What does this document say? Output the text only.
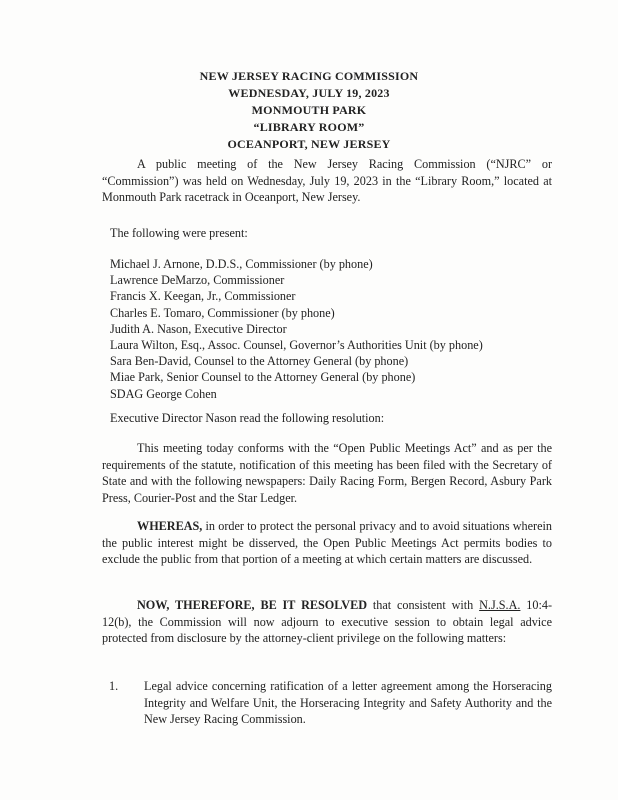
NEW JERSEY RACING COMMISSION
WEDNESDAY, JULY 19, 2023
MONMOUTH PARK
“LIBRARY ROOM”
OCEANPORT, NEW JERSEY
A public meeting of the New Jersey Racing Commission (“NJRC” or “Commission”) was held on Wednesday, July 19, 2023 in the “Library Room,” located at Monmouth Park racetrack in Oceanport, New Jersey.
The following were present:
Michael J. Arnone, D.D.S., Commissioner (by phone)
Lawrence DeMarzo, Commissioner
Francis X. Keegan, Jr., Commissioner
Charles E. Tomaro, Commissioner (by phone)
Judith A. Nason, Executive Director
Laura Wilton, Esq., Assoc. Counsel, Governor’s Authorities Unit (by phone)
Sara Ben-David, Counsel to the Attorney General (by phone)
Miae Park, Senior Counsel to the Attorney General (by phone)
SDAG George Cohen
Executive Director Nason read the following resolution:
This meeting today conforms with the “Open Public Meetings Act” and as per the requirements of the statute, notification of this meeting has been filed with the Secretary of State and with the following newspapers: Daily Racing Form, Bergen Record, Asbury Park Press, Courier-Post and the Star Ledger.
WHEREAS, in order to protect the personal privacy and to avoid situations wherein the public interest might be disserved, the Open Public Meetings Act permits bodies to exclude the public from that portion of a meeting at which certain matters are discussed.
NOW, THEREFORE, BE IT RESOLVED that consistent with N.J.S.A. 10:4-12(b), the Commission will now adjourn to executive session to obtain legal advice protected from disclosure by the attorney-client privilege on the following matters:
1. Legal advice concerning ratification of a letter agreement among the Horseracing Integrity and Welfare Unit, the Horseracing Integrity and Safety Authority and the New Jersey Racing Commission.
